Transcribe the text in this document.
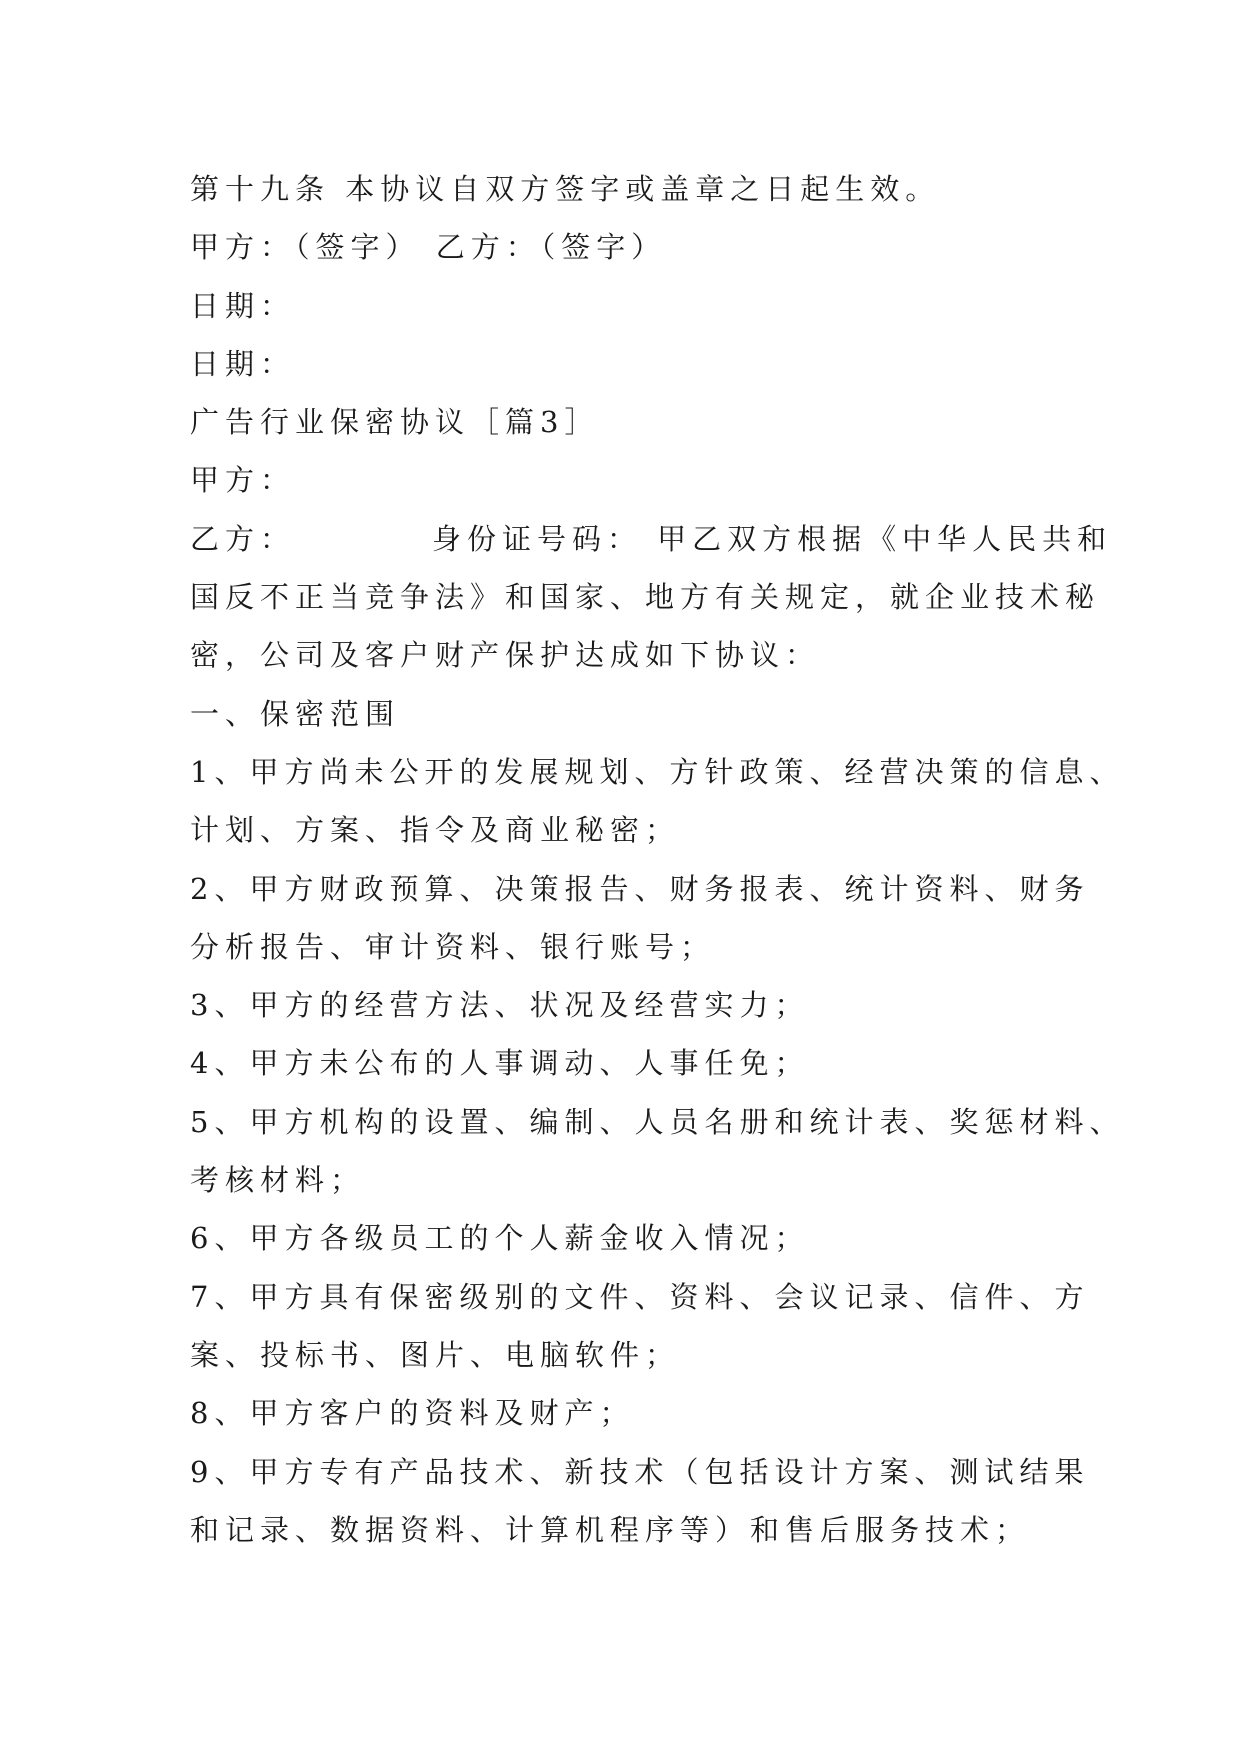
第十九条 本协议自双方签字或盖章之日起生效。
甲方：（签字） 乙方：（签字）
日期：
日期：
广告行业保密协议［篇3］
甲方：
乙方：         身份证号码： 甲乙双方根据《中华人民共和
国反不正当竞争法》和国家、地方有关规定，就企业技术秘
密，公司及客户财产保护达成如下协议：
一、保密范围
1、甲方尚未公开的发展规划、方针政策、经营决策的信息、
计划、方案、指令及商业秘密；
2、甲方财政预算、决策报告、财务报表、统计资料、财务
分析报告、审计资料、银行账号；
3、甲方的经营方法、状况及经营实力；
4、甲方未公布的人事调动、人事任免；
5、甲方机构的设置、编制、人员名册和统计表、奖惩材料、
考核材料；
6、甲方各级员工的个人薪金收入情况；
7、甲方具有保密级别的文件、资料、会议记录、信件、方
案、投标书、图片、电脑软件；
8、甲方客户的资料及财产；
9、甲方专有产品技术、新技术（包括设计方案、测试结果
和记录、数据资料、计算机程序等）和售后服务技术；
